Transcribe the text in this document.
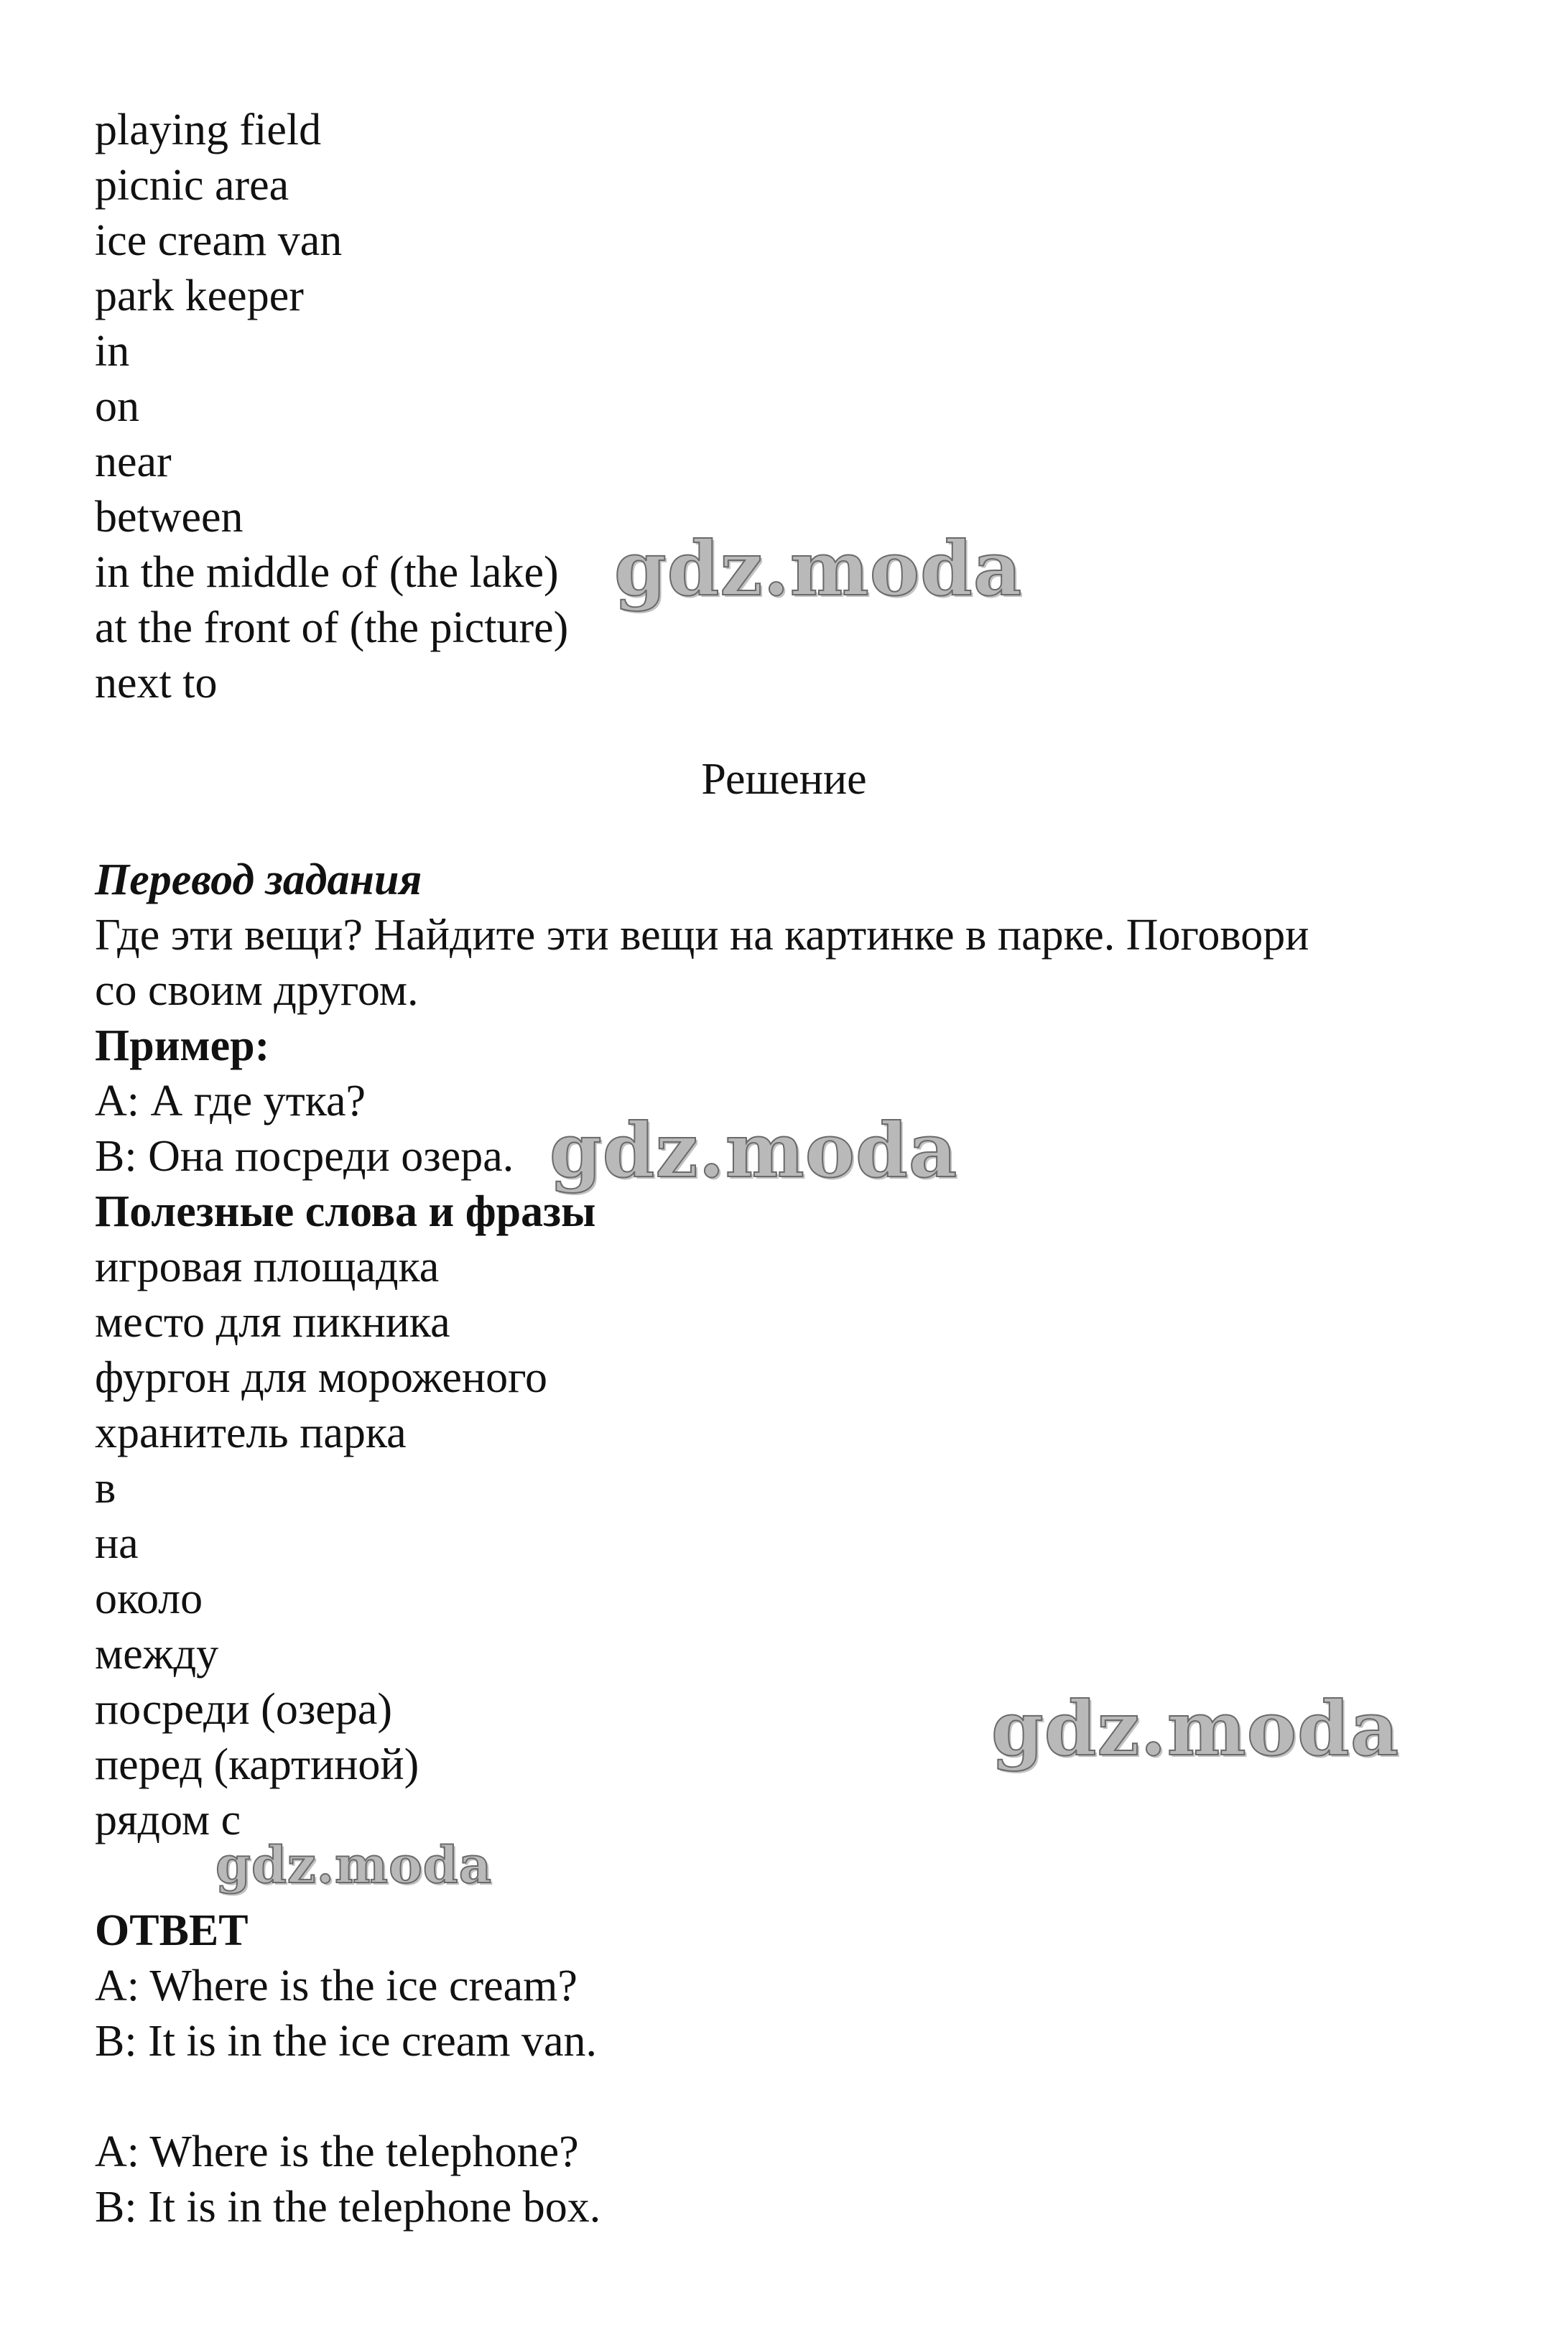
playing field
picnic area
ice cream van
park keeper
in
on
near
between
in the middle of (the lake)
at the front of (the picture)
next to
Решение
Перевод задания
Где эти вещи? Найдите эти вещи на картинке в парке. Поговори
со своим другом.
Пример:
A: А где утка?
B: Она посреди озера.
Полезные слова и фразы
игровая площадка
место для пикника
фургон для мороженого
хранитель парка
в
на
около
между
посреди (озера)
перед (картиной)
рядом с
ОТВЕТ
A: Where is the ice cream?
B: It is in the ice cream van.
A: Where is the telephone?
B: It is in the telephone box.
gdz.moda
gdz.moda
gdz.moda
gdz.moda
